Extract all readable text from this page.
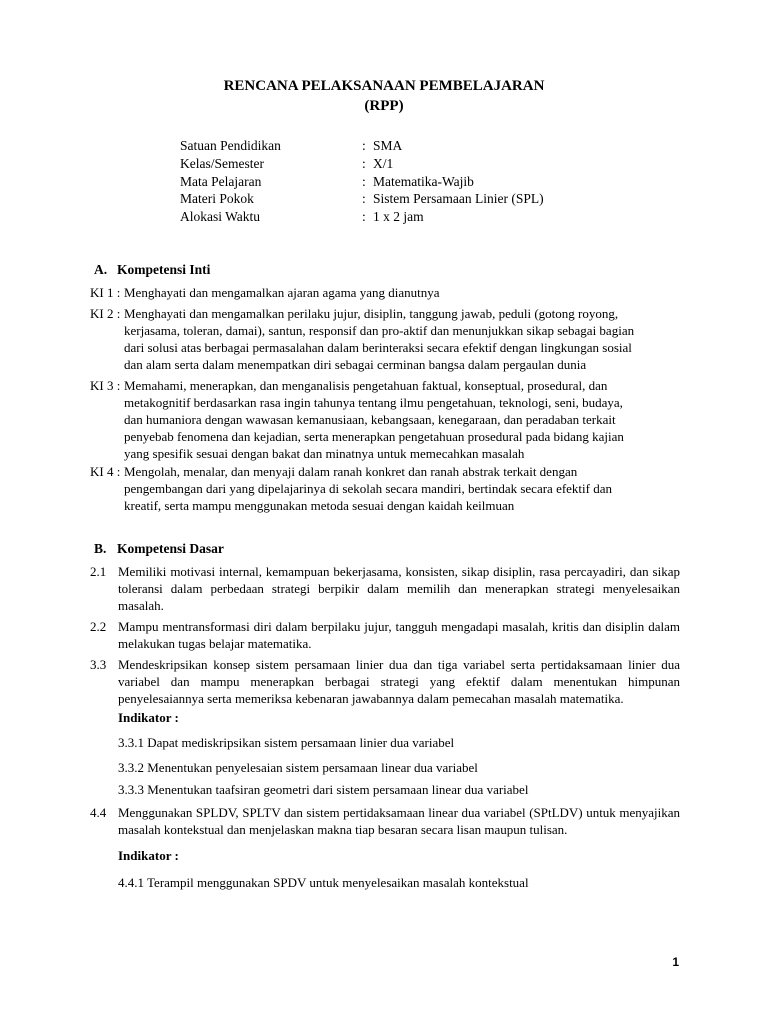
RENCANA PELAKSANAAN PEMBELAJARAN
(RPP)
Satuan Pendidikan	: SMA
Kelas/Semester	: X/1
Mata Pelajaran	: Matematika-Wajib
Materi Pokok	: Sistem Persamaan Linier (SPL)
Alokasi Waktu	: 1 x 2 jam
A. Kompetensi Inti
KI 1 : Menghayati dan mengamalkan ajaran agama yang dianutnya
KI 2 : Menghayati dan mengamalkan perilaku jujur, disiplin, tanggung jawab, peduli (gotong royong,
kerjasama, toleran, damai), santun, responsif dan pro-aktif dan menunjukkan sikap sebagai bagian
dari solusi atas berbagai permasalahan dalam berinteraksi secara efektif dengan lingkungan sosial
dan alam serta dalam menempatkan diri sebagai cerminan bangsa dalam pergaulan dunia
KI 3 : Memahami, menerapkan, dan menganalisis pengetahuan faktual, konseptual, prosedural, dan
metakognitif berdasarkan rasa ingin tahunya tentang ilmu pengetahuan, teknologi, seni, budaya,
dan humaniora dengan wawasan kemanusiaan, kebangsaan, kenegaraan, dan peradaban terkait
penyebab fenomena dan kejadian, serta menerapkan pengetahuan prosedural pada bidang kajian
yang spesifik sesuai dengan bakat dan minatnya untuk memecahkan masalah
KI 4 : Mengolah, menalar, dan menyaji dalam ranah konkret dan ranah abstrak terkait dengan
pengembangan dari yang dipelajarinya di sekolah secara mandiri, bertindak secara efektif dan
kreatif, serta mampu menggunakan metoda sesuai dengan kaidah keilmuan
B. Kompetensi Dasar
2.1 Memiliki motivasi internal, kemampuan bekerjasama, konsisten, sikap disiplin, rasa percayadiri, dan sikap toleransi dalam perbedaan strategi berpikir dalam memilih dan menerapkan strategi menyelesaikan masalah.
2.2 Mampu mentransformasi diri dalam berpilaku jujur, tangguh mengadapi masalah, kritis dan disiplin dalam melakukan tugas belajar matematika.
3.3 Mendeskripsikan konsep sistem persamaan linier dua dan tiga variabel serta pertidaksamaan linier dua variabel dan mampu menerapkan berbagai strategi yang efektif dalam menentukan himpunan penyelesaiannya serta memeriksa kebenaran jawabannya dalam pemecahan masalah matematika.
Indikator :
3.3.1 Dapat mediskripsikan sistem persamaan linier dua variabel
3.3.2 Menentukan penyelesaian sistem persamaan linear dua variabel
3.3.3 Menentukan taafsiran geometri dari sistem persamaan linear dua variabel
4.4 Menggunakan SPLDV, SPLTV dan sistem pertidaksamaan linear dua variabel (SPtLDV) untuk menyajikan masalah kontekstual dan menjelaskan makna tiap besaran secara lisan maupun tulisan.
Indikator :
4.4.1 Terampil menggunakan SPDV untuk menyelesaikan masalah kontekstual
1
